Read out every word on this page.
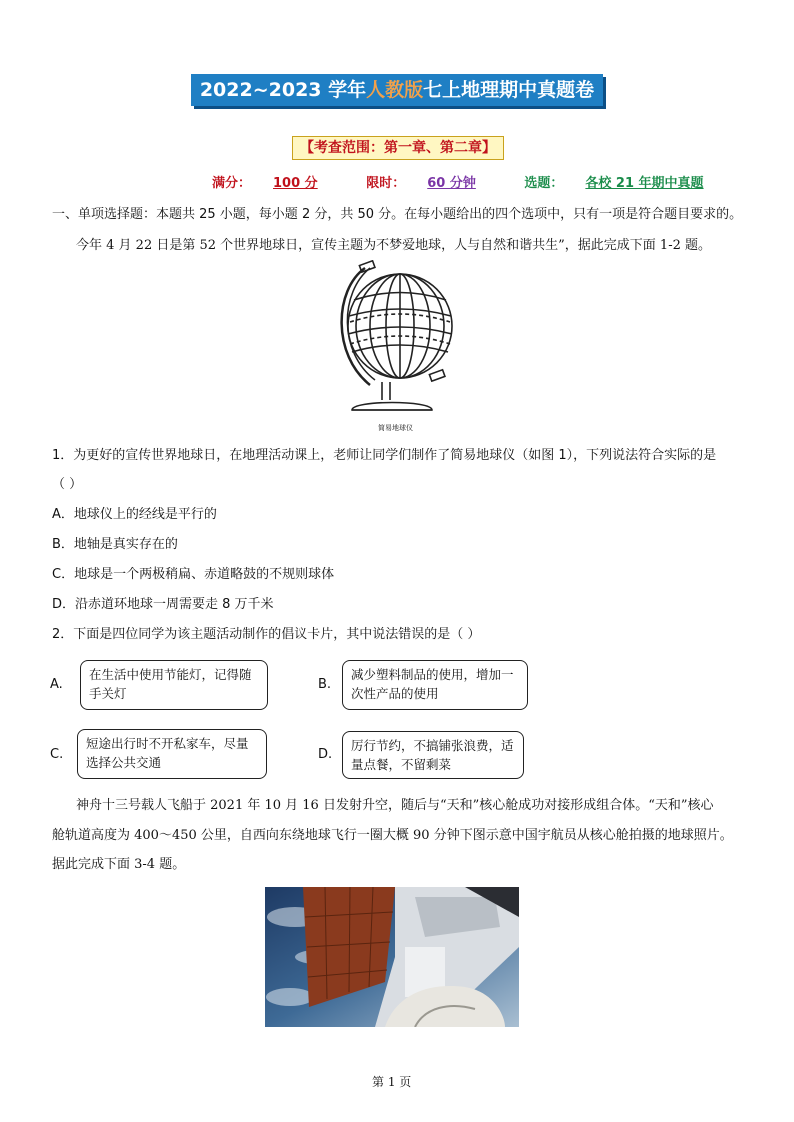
2022~2023 学年人教版七上地理期中真题卷
【考查范围：第一章、第二章】
满分： 100 分	限时： 60 分钟	选题： 各校 21 年期中真题
一、单项选择题：本题共 25 小题，每小题 2 分，共 50 分。在每小题给出的四个选项中，只有一项是符合题目要求的。
今年 4 月 22 日是第 52 个世界地球日，宣传主题为不梦爱地球，人与自然和谐共生”，据此完成下面 1-2 题。
简易地球仪
1．为更好的宣传世界地球日，在地理活动课上，老师让同学们制作了简易地球仪（如图 1），下列说法符合实际的是
（ ）
A．地球仪上的经线是平行的
B．地轴是真实存在的
C．地球是一个两极稍扁、赤道略鼓的不规则球体
D．沿赤道环地球一周需要走 8 万千米
2．下面是四位同学为该主题活动制作的倡议卡片，其中说法错误的是（ ）
A.
在生活中使用节能灯，记得随
手关灯
B.
减少塑料制品的使用，增加一
次性产品的使用
C.
短途出行时不开私家车，尽量
选择公共交通
D.
厉行节约，不搞铺张浪费，适
量点餐，不留剩菜
神舟十三号载人飞船于 2021 年 10 月 16 日发射升空，随后与“天和”核心舱成功对接形成组合体。“天和”核心
舱轨道高度为 400～450 公里，自西向东绕地球飞行一圈大概 90 分钟下图示意中国宇航员从核心舱拍摄的地球照片。
据此完成下面 3-4 题。
第 1 页
